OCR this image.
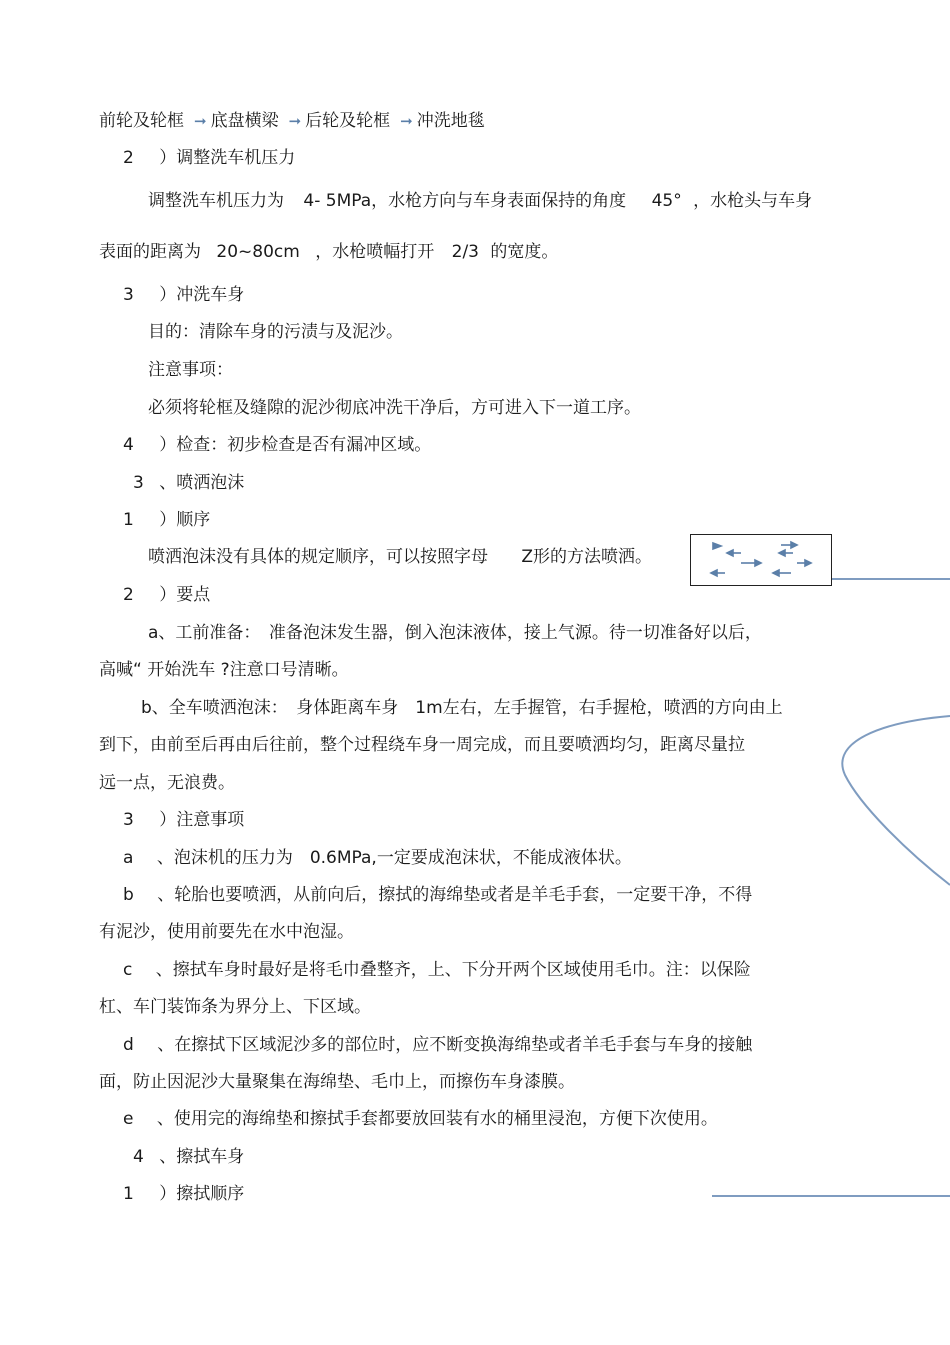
前轮及轮框 ➞ 底盘横梁 ➞ 后轮及轮框 ➞ 冲洗地毯
2 ）调整洗车机压力
调整洗车机压力为 4- 5MPa，水枪方向与车身表面保持的角度 45° ，水枪头与车身
表面的距离为 20~80cm ，水枪喷幅打开 2/3 的宽度。
3 ）冲洗车身
目的：清除车身的污渍与及泥沙。
注意事项：
必须将轮框及缝隙的泥沙彻底冲洗干净后，方可进入下一道工序。
4 ）检查：初步检查是否有漏冲区域。
3 、喷洒泡沫
1 ）顺序
喷洒泡沫没有具体的规定顺序，可以按照字母 Z形的方法喷洒。
2 ）要点
a、工前准备：　准备泡沫发生器，倒入泡沫液体，接上气源。待一切准备好以后，
高喊“ 开始洗车 ?注意口号清晰。
b、全车喷洒泡沫：　身体距离车身　1m左右，左手握管，右手握枪，喷洒的方向由上
到下，由前至后再由后往前，整个过程绕车身一周完成，而且要喷洒均匀，距离尽量拉
远一点，无浪费。
3 ）注意事项
a 、泡沫机的压力为　0.6MPa,一定要成泡沫状，不能成液体状。
b 、轮胎也要喷洒，从前向后，擦拭的海绵垫或者是羊毛手套，一定要干净，不得
有泥沙，使用前要先在水中泡湿。
c 、擦拭车身时最好是将毛巾叠整齐，上、下分开两个区域使用毛巾。注：以保险
杠、车门装饰条为界分上、下区域。
d 、在擦拭下区域泥沙多的部位时，应不断变换海绵垫或者羊毛手套与车身的接触
面，防止因泥沙大量聚集在海绵垫、毛巾上，而擦伤车身漆膜。
e 、使用完的海绵垫和擦拭手套都要放回装有水的桶里浸泡，方便下次使用。
4 、擦拭车身
1 ）擦拭顺序
